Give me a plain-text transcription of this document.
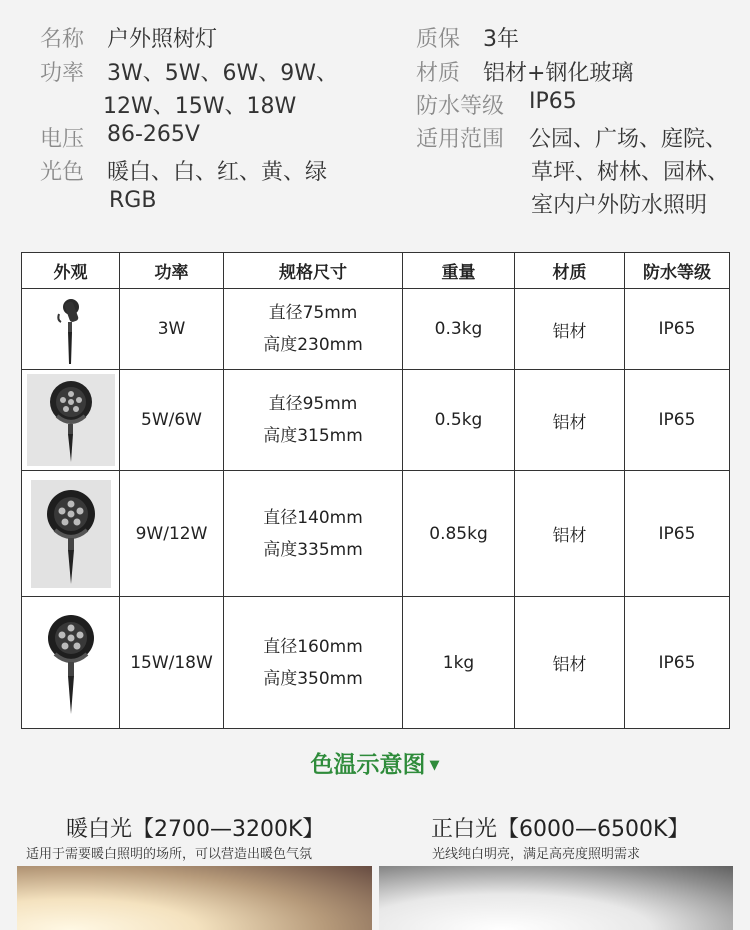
名称 户外照树灯
功率 3W、5W、6W、9W、
12W、15W、18W
电压 86-265V
光色 暖白、白、红、黄、绿
RGB
质保 3年
材质 铝材+钢化玻璃
防水等级 IP65
适用范围 公园、广场、庭院、
草坪、树林、园林、
室内户外防水照明
外观	功率	规格尺寸	重量	材质	防水等级

	3W	直径75mm
高度230mm	0.3kg	铝材	IP65

	5W/6W	直径95mm
高度315mm	0.5kg	铝材	IP65

	9W/12W	直径140mm
高度335mm	0.85kg	铝材	IP65

	15W/18W	直径160mm
高度350mm	1kg	铝材	IP65
色温示意图 ▼
暖白光【2700—3200K】
适用于需要暖白照明的场所，可以营造出暖色气氛
正白光【6000—6500K】
光线纯白明亮，满足高亮度照明需求
